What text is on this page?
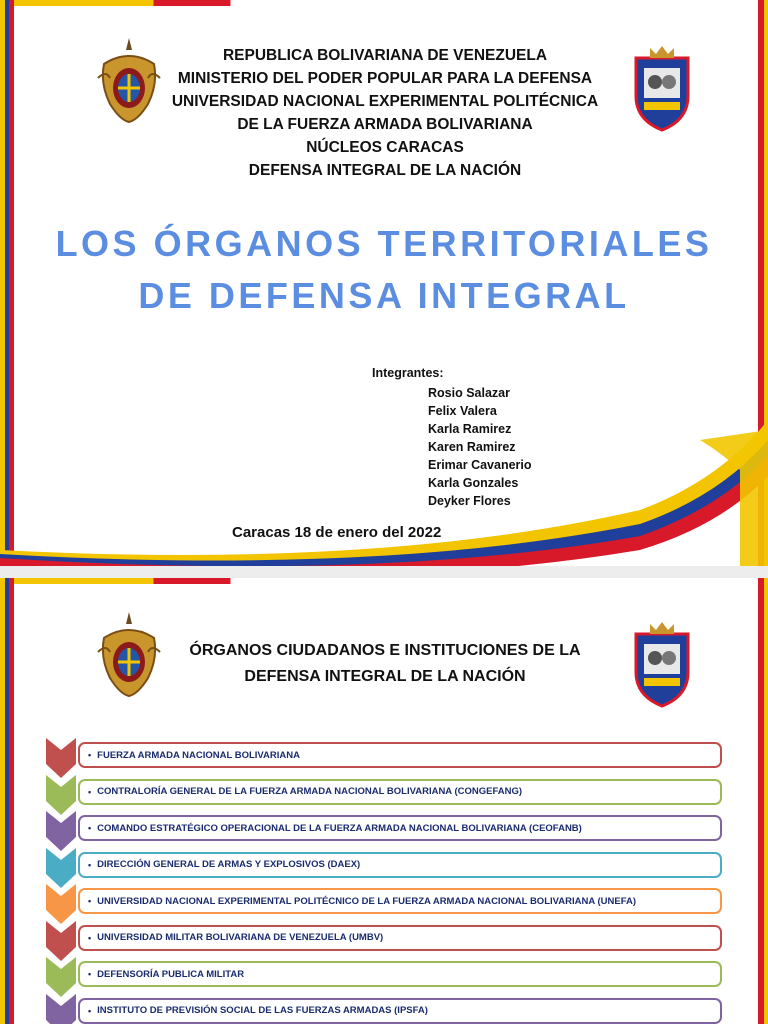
REPUBLICA BOLIVARIANA DE VENEZUELA
MINISTERIO DEL PODER POPULAR PARA LA DEFENSA
UNIVERSIDAD NACIONAL EXPERIMENTAL POLITÉCNICA
DE LA FUERZA ARMADA BOLIVARIANA
NÚCLEOS CARACAS
DEFENSA INTEGRAL DE LA NACIÓN
LOS ÓRGANOS TERRITORIALES
DE DEFENSA INTEGRAL
Integrantes:
Rosio Salazar
Felix Valera
Karla Ramirez
Karen Ramirez
Erimar Cavanerio
Karla Gonzales
Deyker Flores
Caracas 18 de enero del 2022
ÓRGANOS CIUDADANOS E INSTITUCIONES DE LA
DEFENSA INTEGRAL DE LA NACIÓN
• FUERZA ARMADA NACIONAL BOLIVARIANA
• CONTRALORÍA GENERAL DE LA FUERZA ARMADA NACIONAL BOLIVARIANA (CONGEFANG)
• COMANDO ESTRATÉGICO OPERACIONAL DE LA FUERZA ARMADA NACIONAL BOLIVARIANA (CEOFANB)
• DIRECCIÓN GENERAL DE ARMAS Y EXPLOSIVOS (DAEX)
• UNIVERSIDAD NACIONAL EXPERIMENTAL POLITÉCNICO DE LA FUERZA ARMADA NACIONAL BOLIVARIANA (UNEFA)
• UNIVERSIDAD MILITAR BOLIVARIANA DE VENEZUELA (UMBV)
• DEFENSORÍA PUBLICA MILITAR
• INSTITUTO DE PREVISIÓN SOCIAL DE LAS FUERZAS ARMADAS (IPSFA)
